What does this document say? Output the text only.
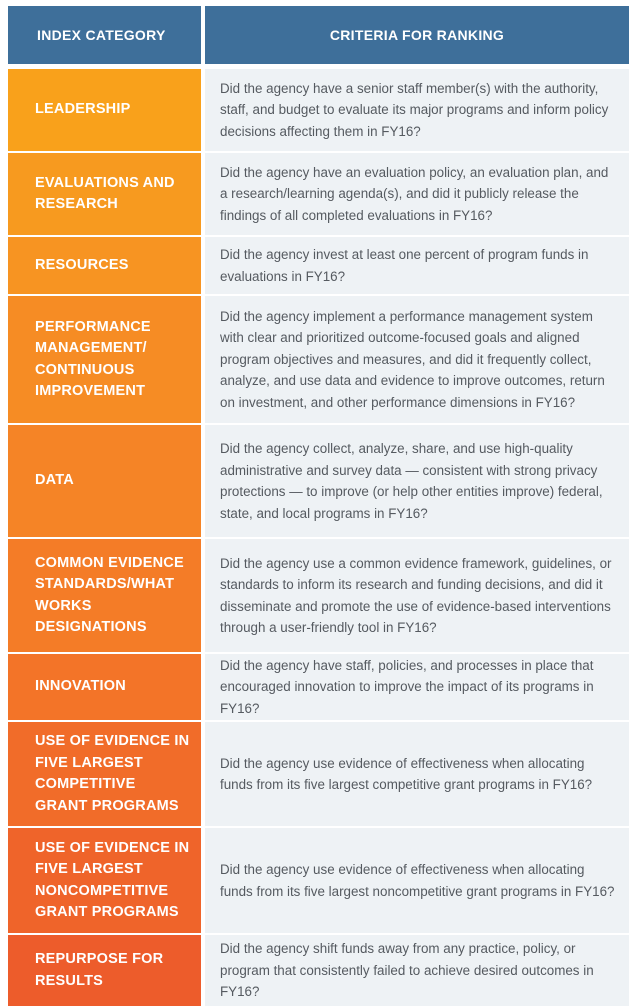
INDEX CATEGORY	CRITERIA FOR RANKING
LEADERSHIP
Did the agency have a senior staff member(s) with the authority, staff, and budget to evaluate its major programs and inform policy decisions affecting them in FY16?
EVALUATIONS AND RESEARCH
Did the agency have an evaluation policy, an evaluation plan, and a research/learning agenda(s), and did it publicly release the findings of all completed evaluations in FY16?
RESOURCES
Did the agency invest at least one percent of program funds in evaluations in FY16?
PERFORMANCE MANAGEMENT/ CONTINUOUS IMPROVEMENT
Did the agency implement a performance management system with clear and prioritized outcome-focused goals and aligned program objectives and measures, and did it frequently collect, analyze, and use data and evidence to improve outcomes, return on investment, and other performance dimensions in FY16?
DATA
Did the agency collect, analyze, share, and use high-quality administrative and survey data — consistent with strong privacy protections — to improve (or help other entities improve) federal, state, and local programs in FY16?
COMMON EVIDENCE STANDARDS/WHAT WORKS DESIGNATIONS
Did the agency use a common evidence framework, guidelines, or standards to inform its research and funding decisions, and did it disseminate and promote the use of evidence-based interventions through a user-friendly tool in FY16?
INNOVATION
Did the agency have staff, policies, and processes in place that encouraged innovation to improve the impact of its programs in FY16?
USE OF EVIDENCE IN FIVE LARGEST COMPETITIVE GRANT PROGRAMS
Did the agency use evidence of effectiveness when allocating funds from its five largest competitive grant programs in FY16?
USE OF EVIDENCE IN FIVE LARGEST NONCOMPETITIVE GRANT PROGRAMS
Did the agency use evidence of effectiveness when allocating funds from its five largest noncompetitive grant programs in FY16?
REPURPOSE FOR RESULTS
Did the agency shift funds away from any practice, policy, or program that consistently failed to achieve desired outcomes in FY16?
